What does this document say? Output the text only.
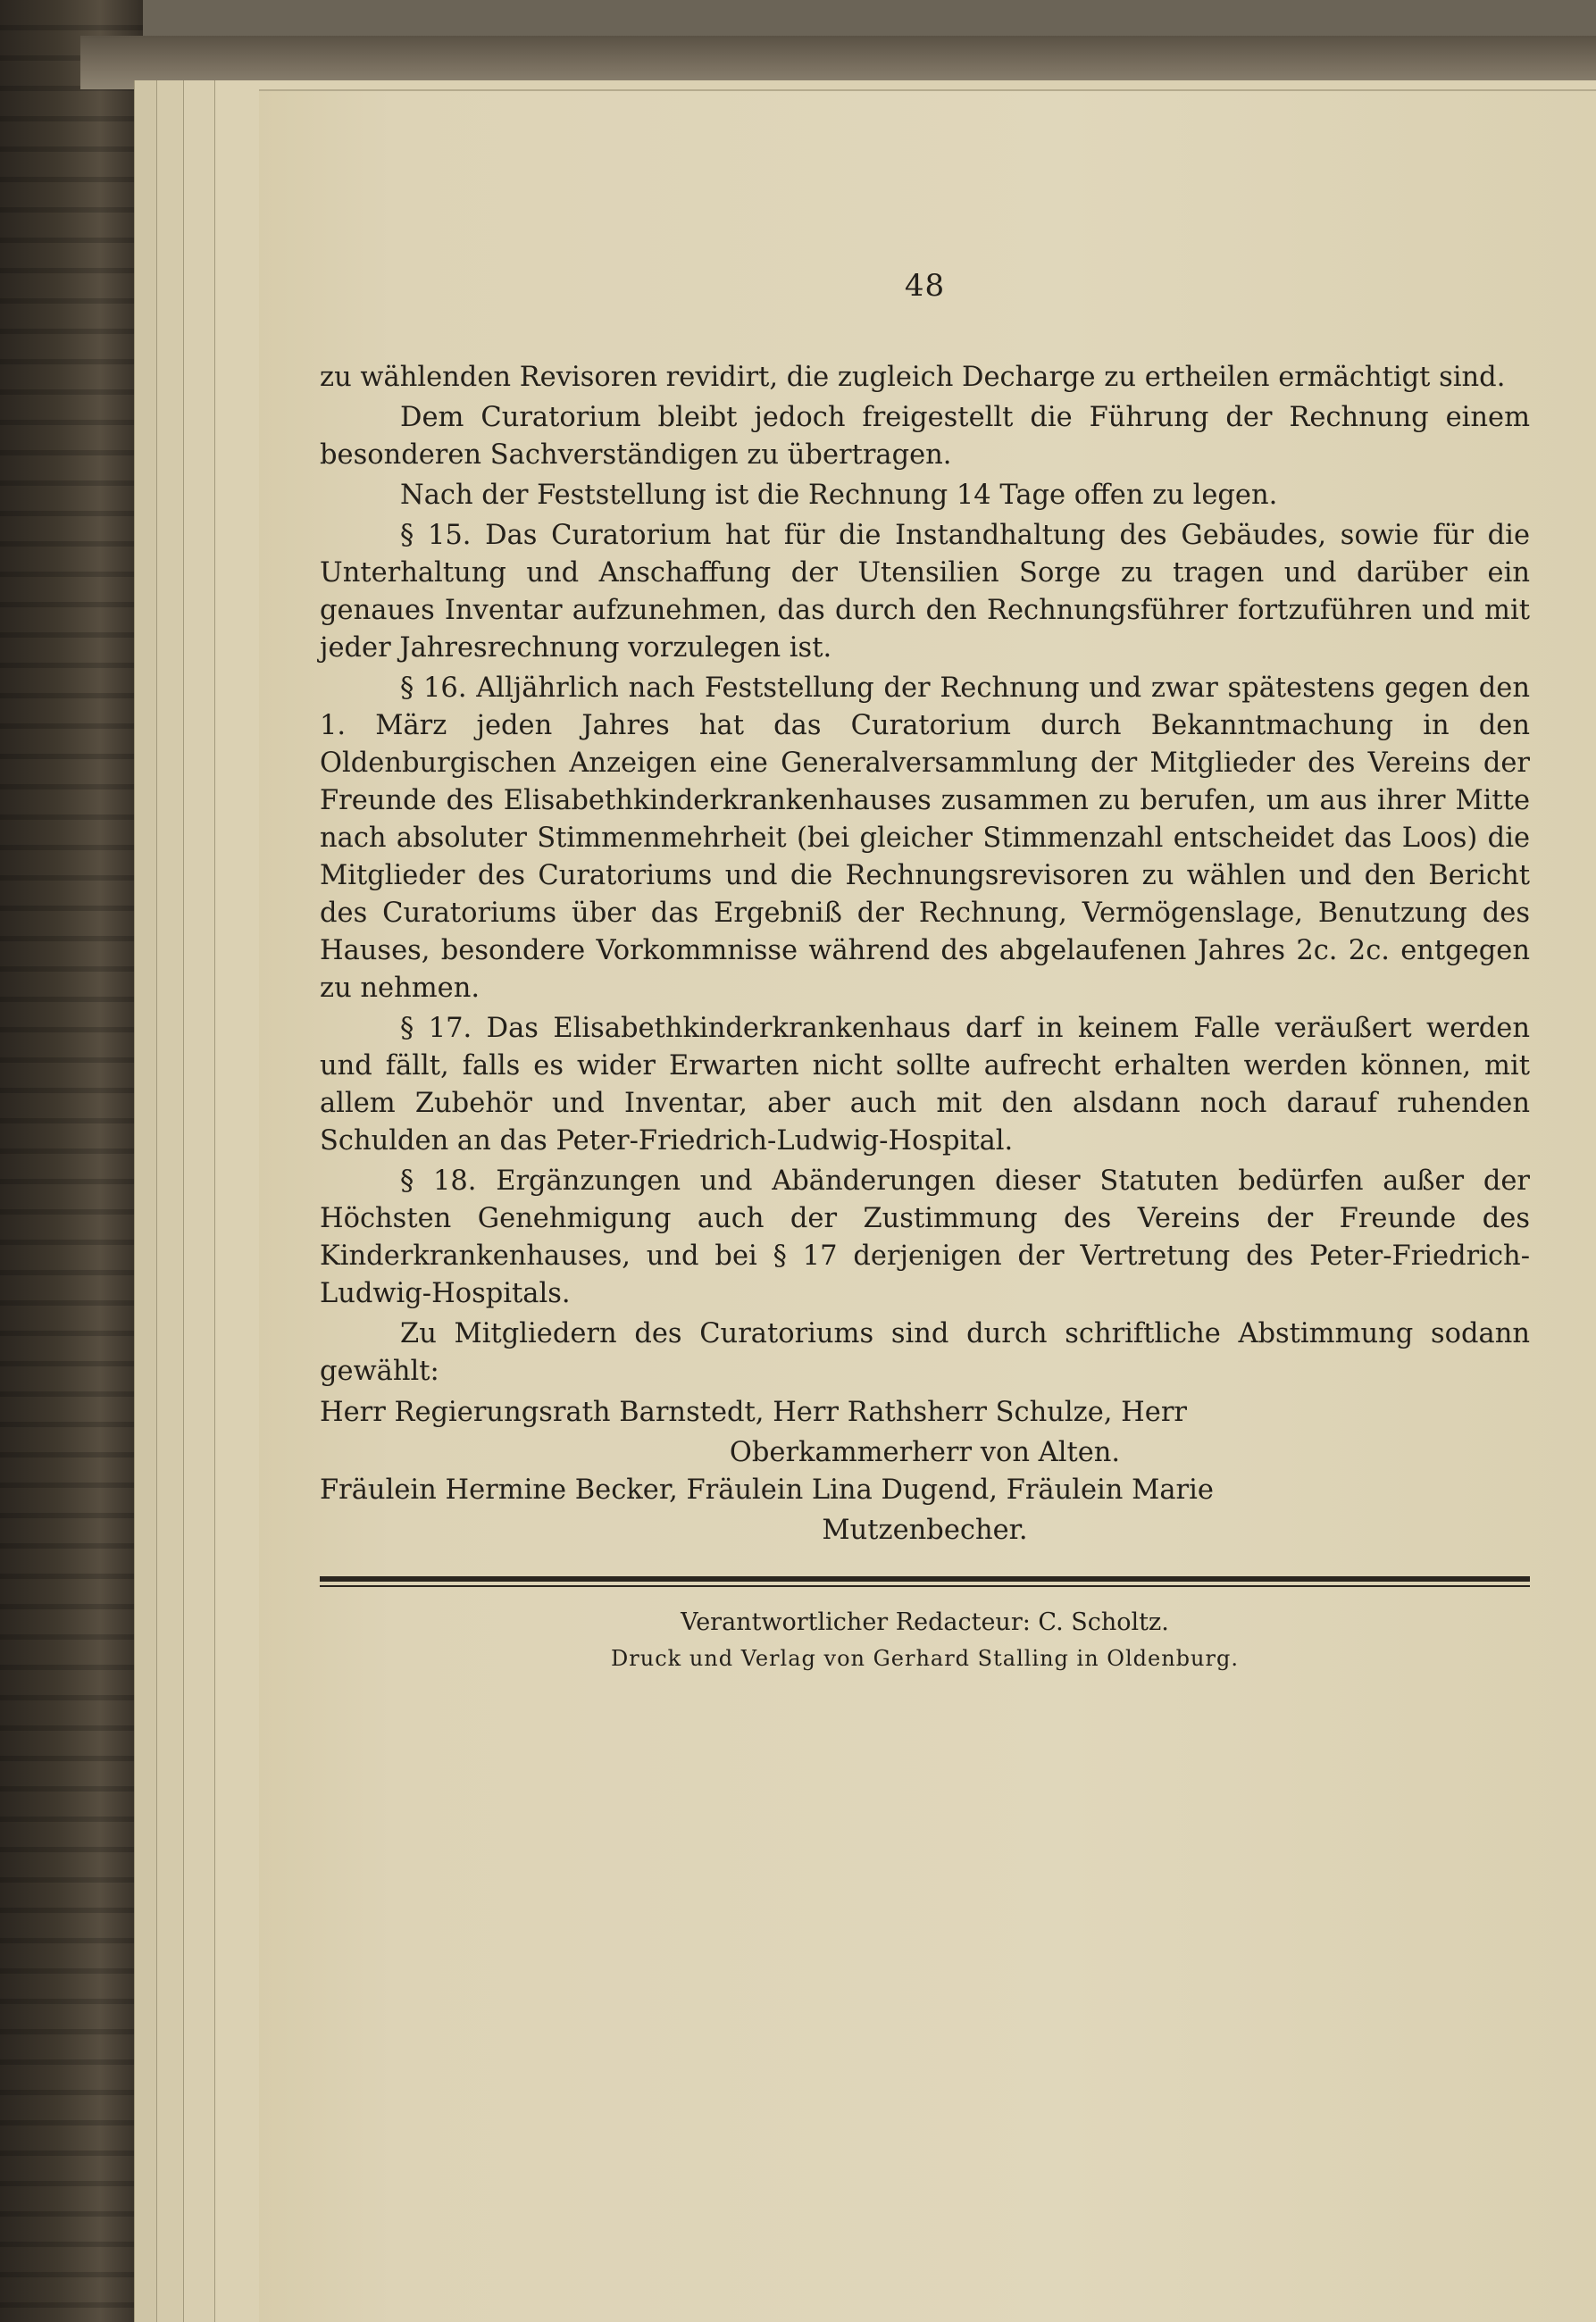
48

zu wählenden Revisoren revidirt, die zugleich Decharge zu ertheilen ermächtigt sind.

Dem Curatorium bleibt jedoch freigestellt die Führung der Rechnung einem besonderen Sachverständigen zu übertragen.

Nach der Feststellung ist die Rechnung 14 Tage offen zu legen.

§ 15. Das Curatorium hat für die Instandhaltung des Gebäudes, sowie für die Unterhaltung und Anschaffung der Utensilien Sorge zu tragen und darüber ein genaues Inventar aufzunehmen, das durch den Rechnungsführer fortzuführen und mit jeder Jahresrechnung vorzulegen ist.

§ 16. Alljährlich nach Feststellung der Rechnung und zwar spätestens gegen den 1. März jeden Jahres hat das Curatorium durch Bekanntmachung in den Oldenburgischen Anzeigen eine Generalversammlung der Mitglieder des Vereins der Freunde des Elisabethkinderkrankenhauses zusammen zu berufen, um aus ihrer Mitte nach absoluter Stimmenmehrheit (bei gleicher Stimmenzahl entscheidet das Loos) die Mitglieder des Curatoriums und die Rechnungsrevisoren zu wählen und den Bericht des Curatoriums über das Ergebniß der Rechnung, Vermögenslage, Benutzung des Hauses, besondere Vorkommnisse während des abgelaufenen Jahres 2c. 2c. entgegen zu nehmen.

§ 17. Das Elisabethkinderkrankenhaus darf in keinem Falle veräußert werden und fällt, falls es wider Erwarten nicht sollte aufrecht erhalten werden können, mit allem Zubehör und Inventar, aber auch mit den alsdann noch darauf ruhenden Schulden an das Peter-Friedrich-Ludwig-Hospital.

§ 18. Ergänzungen und Abänderungen dieser Statuten bedürfen außer der Höchsten Genehmigung auch der Zustimmung des Vereins der Freunde des Kinderkrankenhauses, und bei § 17 derjenigen der Vertretung des Peter-Friedrich-Ludwig-Hospitals.

Zu Mitgliedern des Curatoriums sind durch schriftliche Abstimmung sodann gewählt:

Herr Regierungsrath Barnstedt, Herr Rathsherr Schulze, Herr
Oberkammerherr von Alten.
Fräulein Hermine Becker, Fräulein Lina Dugend, Fräulein Marie
Mutzenbecher.
Verantwortlicher Redacteur: C. Scholtz.
Druck und Verlag von Gerhard Stalling in Oldenburg.
